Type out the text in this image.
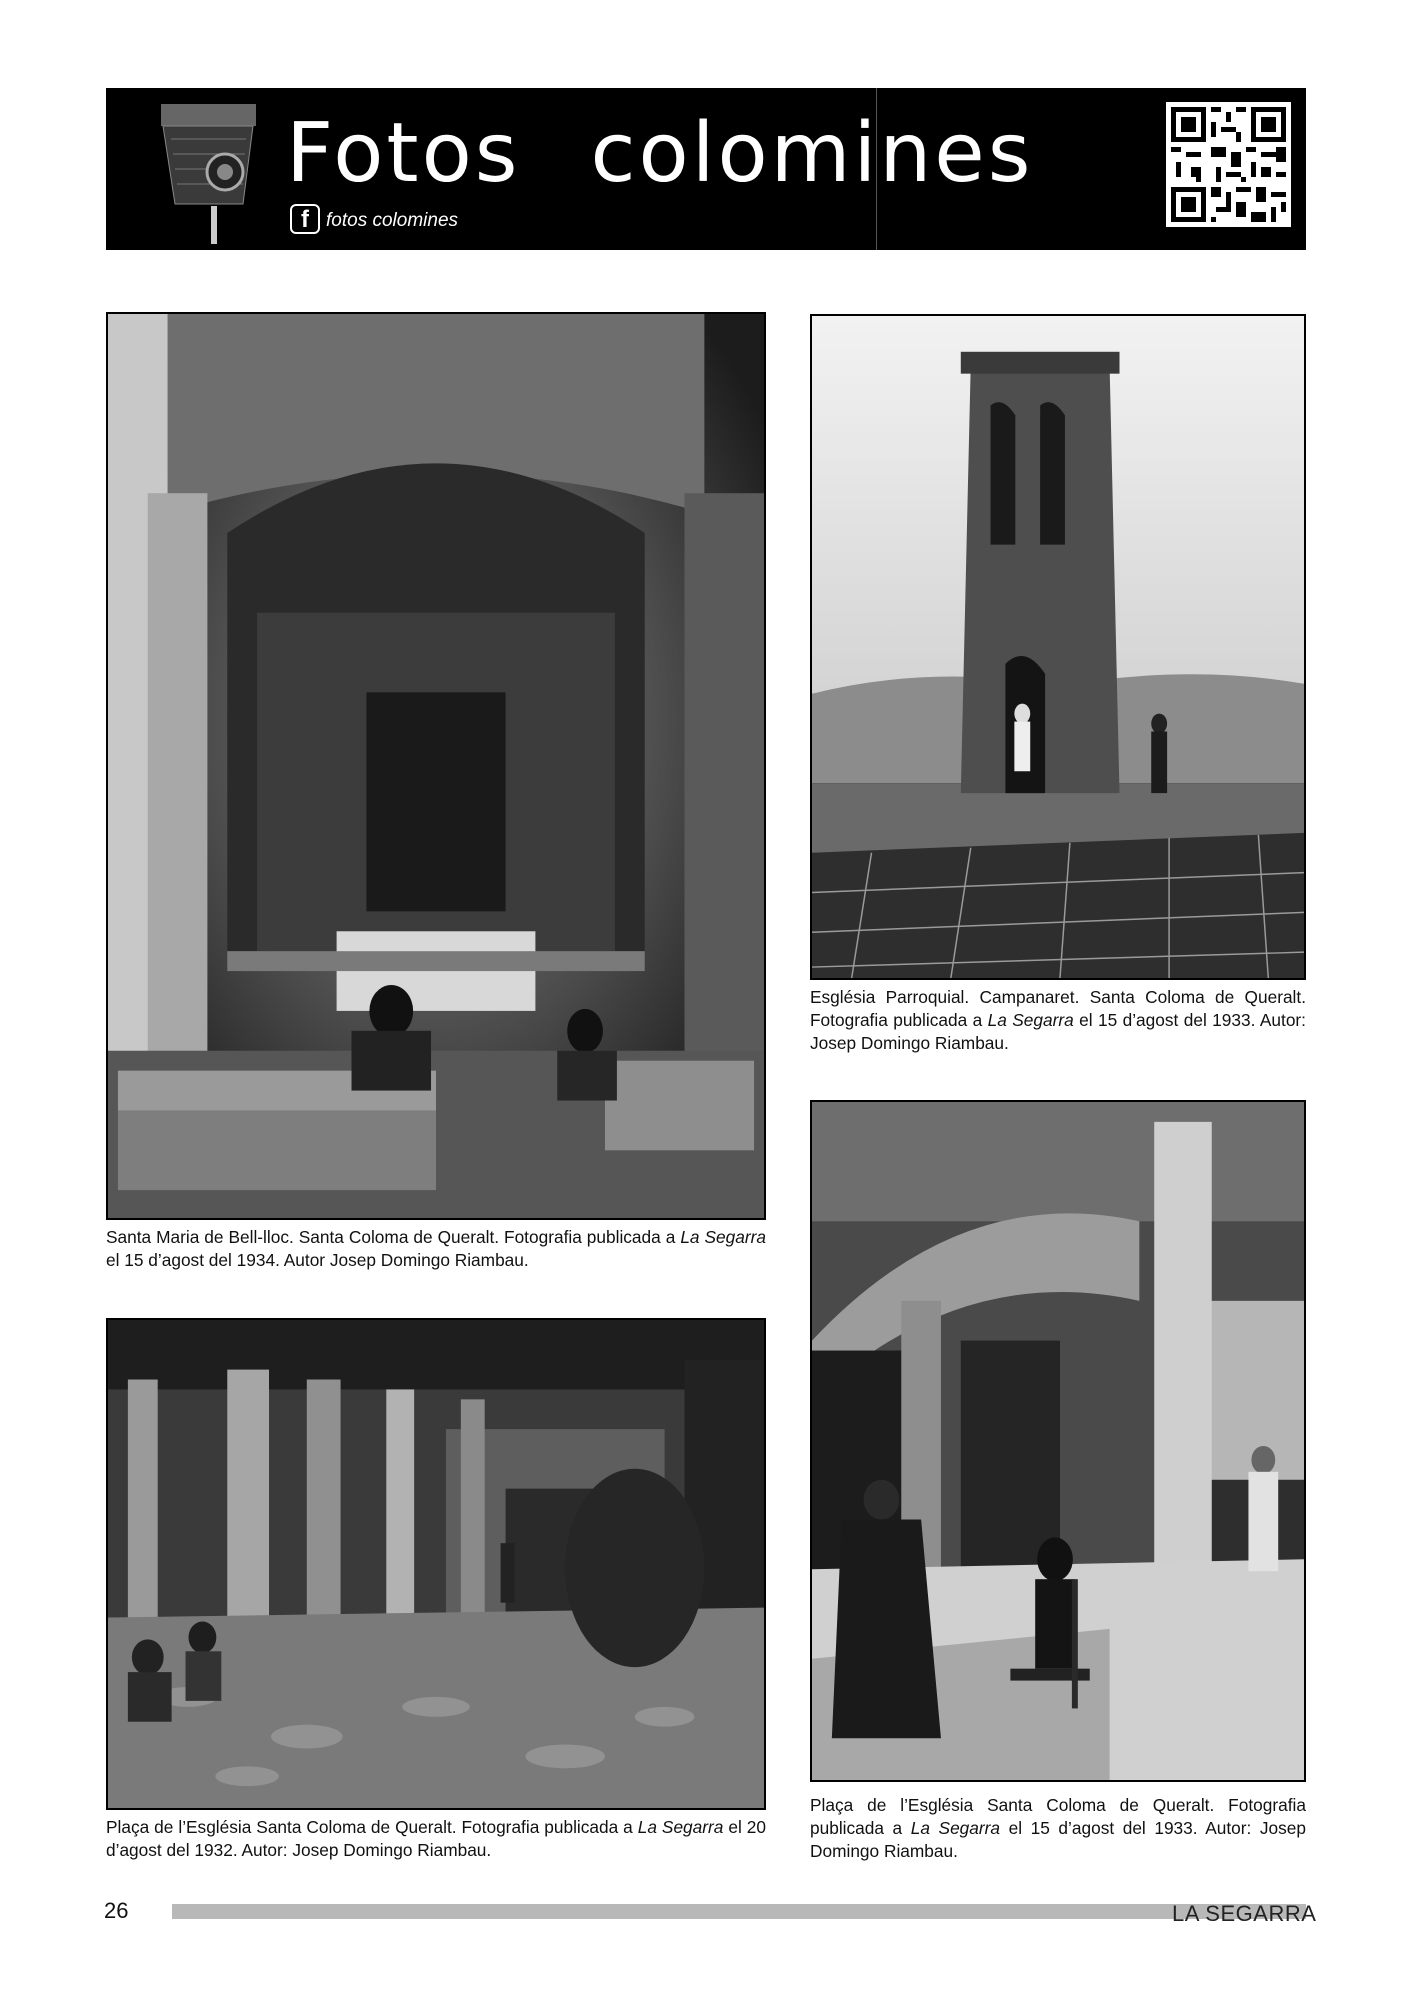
Fotos colomines
f fotos colomines
Santa Maria de Bell-lloc. Santa Coloma de Queralt. Fotografia publicada a La Segarra el 15 d’agost del 1934. Autor Josep Domingo Riambau.
Església Parroquial. Campanaret. Santa Coloma de Queralt. Fotografia publicada a La Segarra el 15 d’agost del 1933. Autor: Josep Domingo Riambau.
Plaça de l’Església Santa Coloma de Queralt. Fotografia publicada a La Segarra el 20 d’agost del 1932. Autor: Josep Domingo Riambau.
Plaça de l’Església Santa Coloma de Queralt. Fotografia publicada a La Segarra el 15 d’agost del 1933. Autor: Josep Domingo Riambau.
26	LA SEGARRA
